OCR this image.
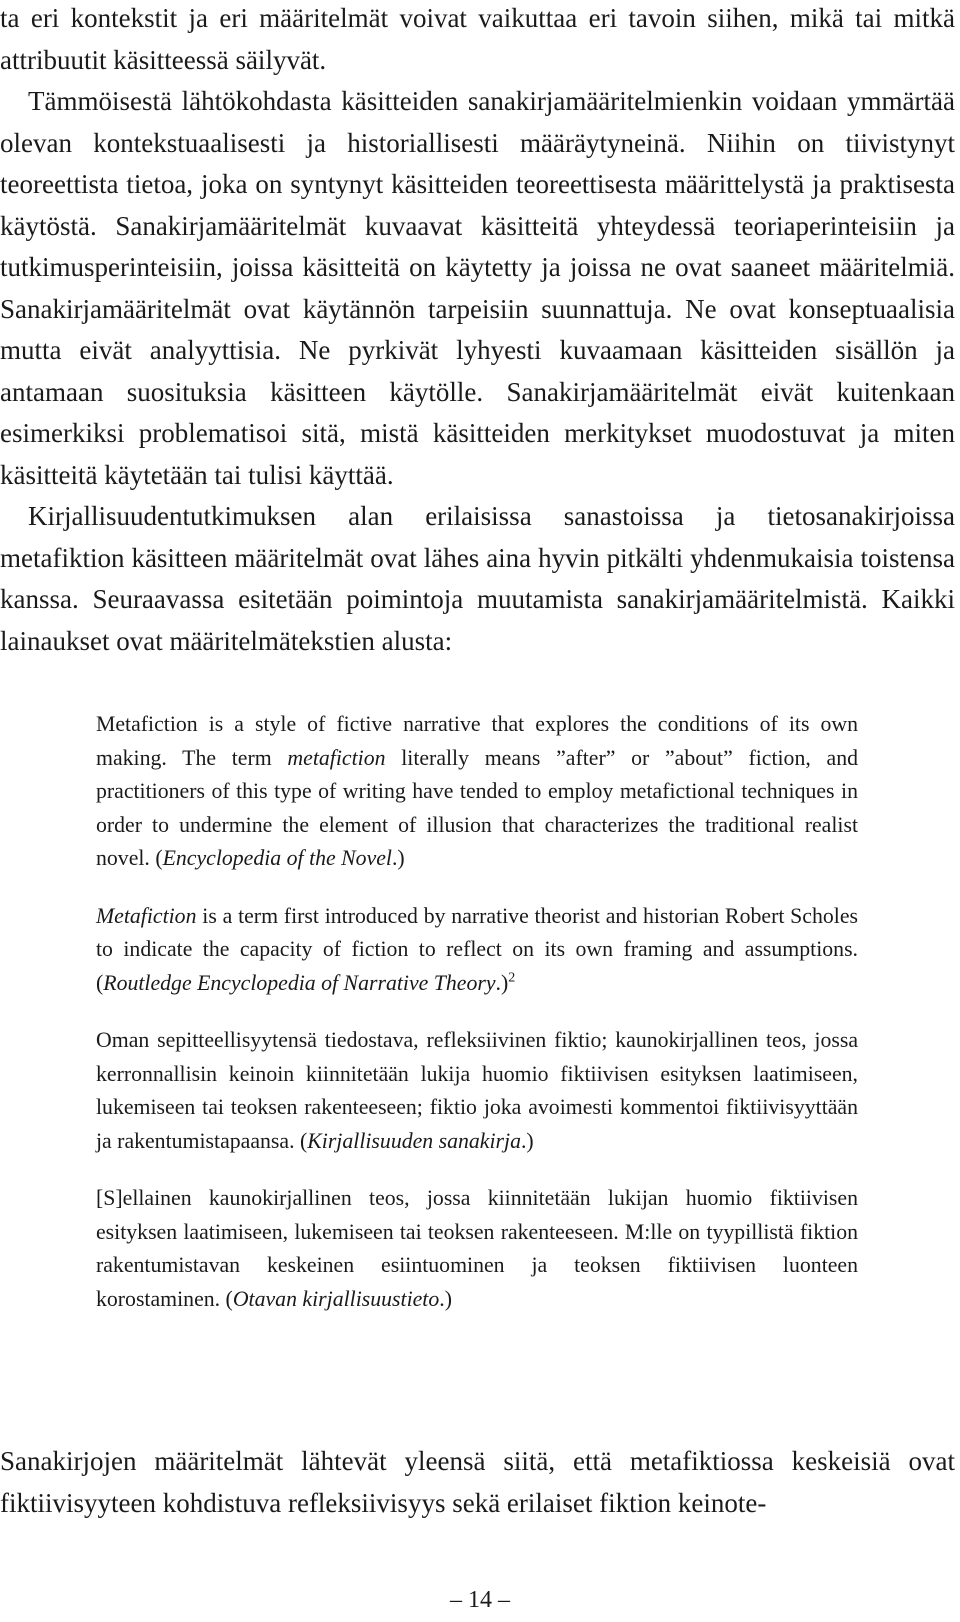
ta eri kontekstit ja eri määritelmät voivat vaikuttaa eri tavoin siihen, mikä tai mitkä attribuutit käsitteessä säilyvät.

Tämmöisestä lähtökohdasta käsitteiden sanakirjamääritelmienkin voidaan ymmärtää olevan kontekstuaalisesti ja historiallisesti määräytyneinä. Niihin on tiivistynyt teoreettista tietoa, joka on syntynyt käsitteiden teoreettisesta määrittelystä ja praktisesta käytöstä. Sanakirjamääritelmät kuvaavat käsitteitä yhteydessä teoriaperinteisiin ja tutkimusperinteisiin, joissa käsitteitä on käytetty ja joissa ne ovat saaneet määritelmiä. Sanakirjamääritelmät ovat käytännön tarpeisiin suunnattuja. Ne ovat konseptuaalisia mutta eivät analyyttisia. Ne pyrkivät lyhyesti kuvaamaan käsitteiden sisällön ja antamaan suosituksia käsitteen käytölle. Sanakirjamääritelmät eivät kuitenkaan esimerkiksi problematisoi sitä, mistä käsitteiden merkitykset muodostuvat ja miten käsitteitä käytetään tai tulisi käyttää.

Kirjallisuudentutkimuksen alan erilaisissa sanastoissa ja tietosanakirjoissa metafiktion käsitteen määritelmät ovat lähes aina hyvin pitkälti yhdenmukaisia toistensa kanssa. Seuraavassa esitetään poimintoja muutamista sanakirjamääritelmistä. Kaikki lainaukset ovat määritelmätekstien alusta:

Metafiction is a style of fictive narrative that explores the conditions of its own making. The term metafiction literally means ”after” or ”about” fiction, and practitioners of this type of writing have tended to employ metafictional techniques in order to undermine the element of illusion that characterizes the traditional realist novel. (Encyclopedia of the Novel.)

Metafiction is a term first introduced by narrative theorist and historian Robert Scholes to indicate the capacity of fiction to reflect on its own framing and assumptions. (Routledge Encyclopedia of Narrative Theory.)$^2$

Oman sepitteellisyytensä tiedostava, refleksiivinen fiktio; kaunokirjallinen teos, jossa kerronnallisin keinoin kiinnitetään lukija huomio fiktiivisen esityksen laatimiseen, lukemiseen tai teoksen rakenteeseen; fiktio joka avoimesti kommentoi fiktiivisyyttään ja rakentumistapaansa. (Kirjallisuuden sanakirja.)

[S]ellainen kaunokirjallinen teos, jossa kiinnitetään lukijan huomio fiktiivisen esityksen laatimiseen, lukemiseen tai teoksen rakenteeseen. M:lle on tyypillistä fiktion rakentumistavan keskeinen esiintuominen ja teoksen fiktiivisen luonteen korostaminen. (Otavan kirjallisuustieto.)

Sanakirjojen määritelmät lähtevät yleensä siitä, että metafiktiossa keskeisiä ovat fiktiivisyyteen kohdistuva refleksiivisyys sekä erilaiset fiktion keinote-

– 14 –
